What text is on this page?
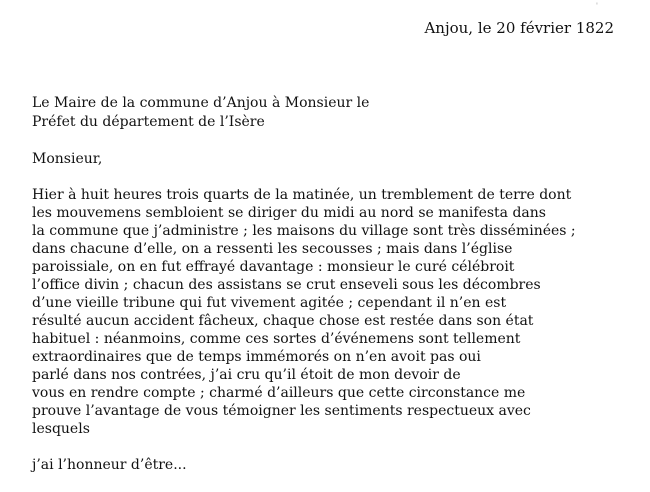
'
Anjou, le 20 février 1822
Le Maire de la commune d’Anjou à Monsieur le
Préfet du département de l’Isère
Monsieur,
Hier à huit heures trois quarts de la matinée, un tremblement de terre dont
les mouvemens sembloient se diriger du midi au nord se manifesta dans
la commune que j’administre ; les maisons du village sont très disséminées ;
dans chacune d’elle, on a ressenti les secousses ; mais dans l’église
paroissiale, on en fut effrayé davantage : monsieur le curé célébroit
l’office divin ; chacun des assistans se crut enseveli sous les décombres
d’une vieille tribune qui fut vivement agitée ; cependant il n’en est
résulté aucun accident fâcheux, chaque chose est restée dans son état
habituel : néanmoins, comme ces sortes d’événemens sont tellement
extraordinaires que de temps immémorés on n’en avoit pas oui
parlé dans nos contrées, j’ai cru qu’il étoit de mon devoir de
vous en rendre compte ; charmé d’ailleurs que cette circonstance me
prouve l’avantage de vous témoigner les sentiments respectueux avec
lesquels
j’ai l’honneur d’être...
